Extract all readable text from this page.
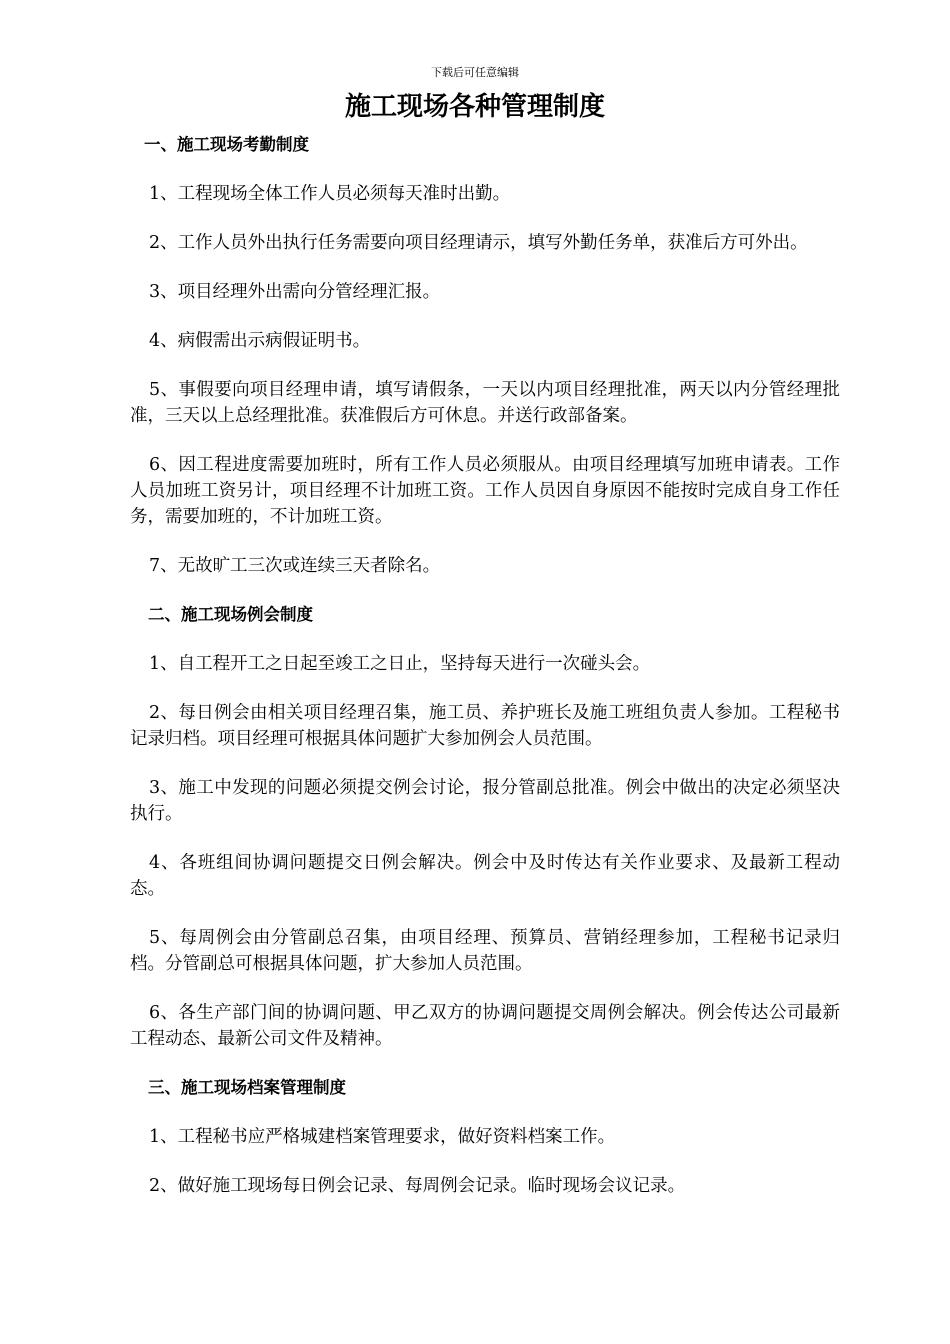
下载后可任意编辑
施工现场各种管理制度
一、施工现场考勤制度

1、工程现场全体工作人员必须每天准时出勤。

2、工作人员外出执行任务需要向项目经理请示，填写外勤任务单，获准后方可外出。

3、项目经理外出需向分管经理汇报。

4、病假需出示病假证明书。

5、事假要向项目经理申请，填写请假条，一天以内项目经理批准，两天以内分管经理批准，三天以上总经理批准。获准假后方可休息。并送行政部备案。

6、因工程进度需要加班时，所有工作人员必须服从。由项目经理填写加班申请表。工作人员加班工资另计，项目经理不计加班工资。工作人员因自身原因不能按时完成自身工作任务，需要加班的，不计加班工资。

7、无故旷工三次或连续三天者除名。

二、施工现场例会制度

1、自工程开工之日起至竣工之日止，坚持每天进行一次碰头会。

2、每日例会由相关项目经理召集，施工员、养护班长及施工班组负责人参加。工程秘书记录归档。项目经理可根据具体问题扩大参加例会人员范围。

3、施工中发现的问题必须提交例会讨论，报分管副总批准。例会中做出的决定必须坚决执行。

4、各班组间协调问题提交日例会解决。例会中及时传达有关作业要求、及最新工程动态。

5、每周例会由分管副总召集，由项目经理、预算员、营销经理参加，工程秘书记录归档。分管副总可根据具体问题，扩大参加人员范围。

6、各生产部门间的协调问题、甲乙双方的协调问题提交周例会解决。例会传达公司最新工程动态、最新公司文件及精神。

三、施工现场档案管理制度

1、工程秘书应严格城建档案管理要求，做好资料档案工作。

2、做好施工现场每日例会记录、每周例会记录。临时现场会议记录。
